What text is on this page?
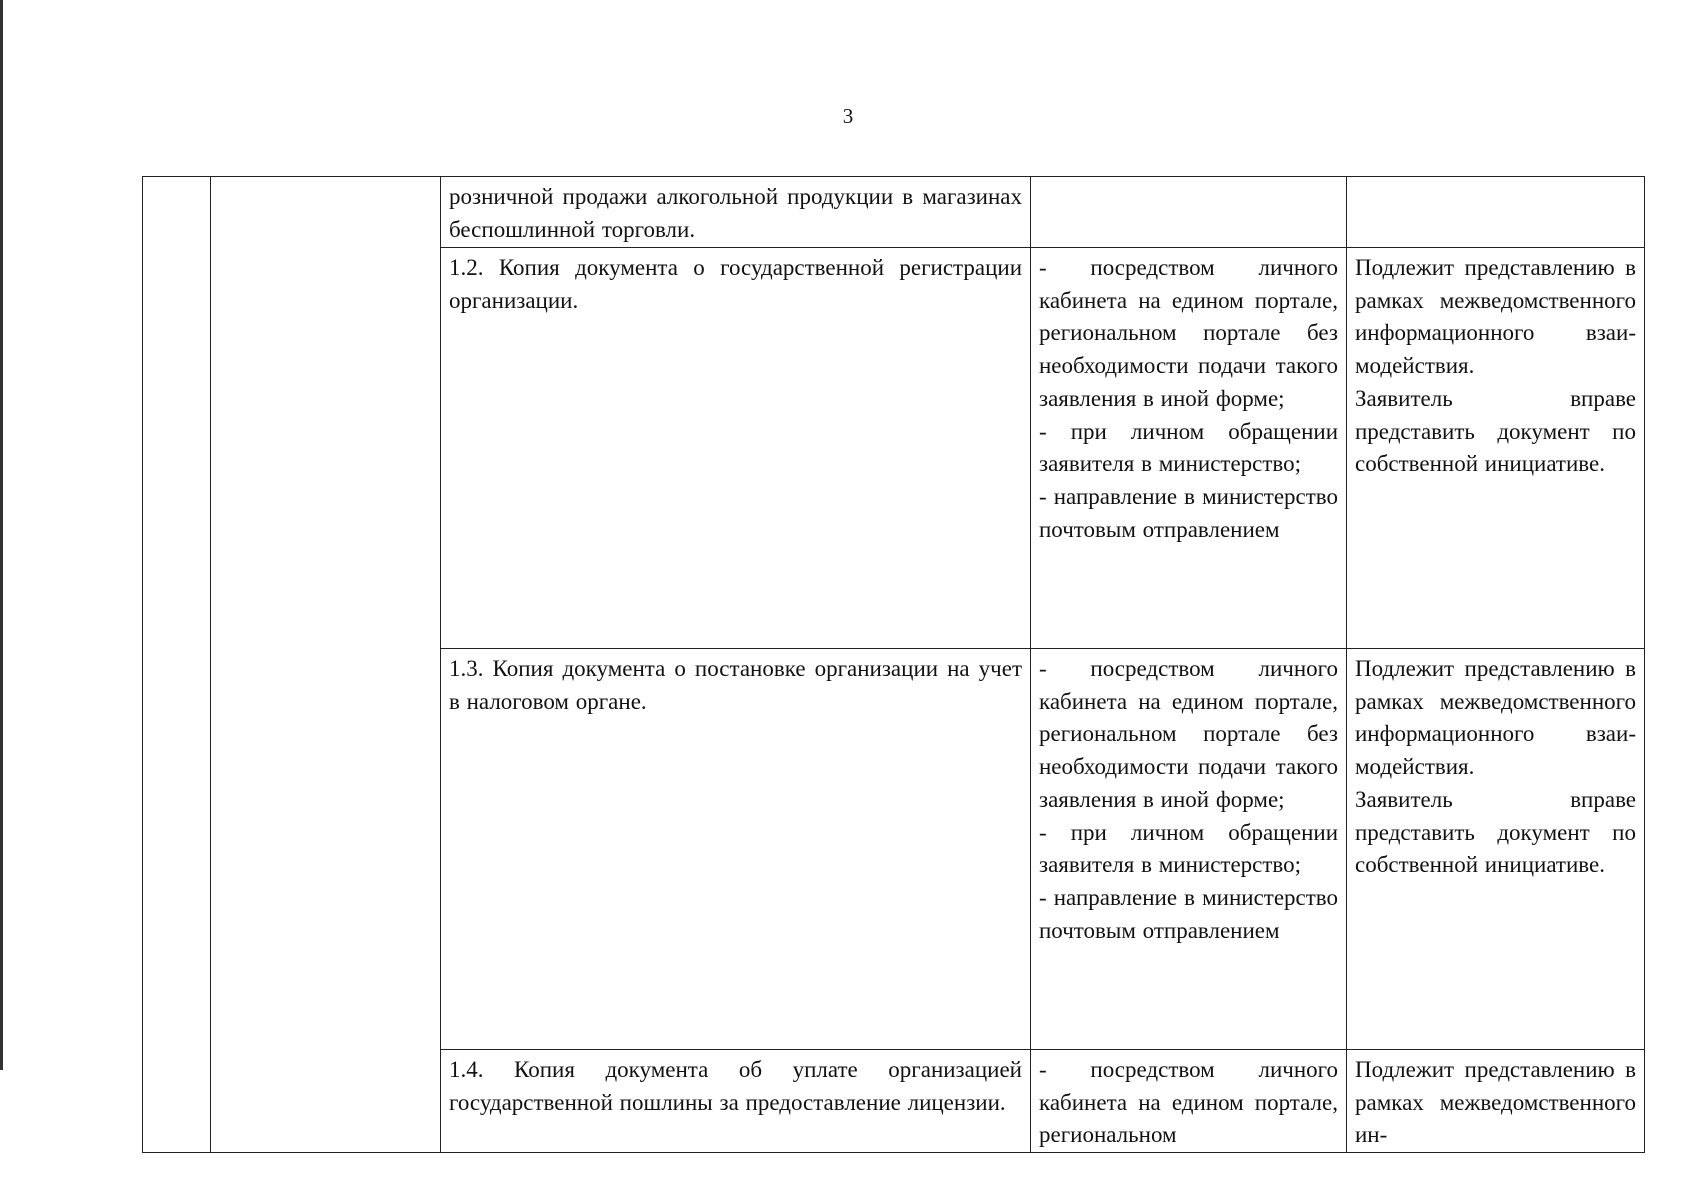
3
		розничной продажи алкогольной продукции в магазинах беспошлинной торговли.		
		1.2. Копия документа о государственной регистрации организации.	- посредством личного кабинета на едином портале, региональном портале без необходимости подачи такого заявления в иной форме;
- при личном обращении заявителя в министерство;
- направление в министерство почтовым отправлением	Подлежит представлению в рамках межведомственного информационного взаимодействия.
Заявитель вправе представить документ по собственной инициативе.

		1.3. Копия документа о постановке организации на учет в налоговом органе.	- посредством личного кабинета на едином портале, региональном портале без необходимости подачи такого заявления в иной форме;
- при личном обращении заявителя в министерство;
- направление в министерство почтовым отправлением	Подлежит представлению в рамках межведомственного информационного взаимодействия.
Заявитель вправе представить документ по собственной инициативе.

		1.4. Копия документа об уплате организацией государственной пошлины за предоставление лицензии.	- посредством личного кабинета на едином портале, региональном	Подлежит представлению в рамках межведомственного ин-
